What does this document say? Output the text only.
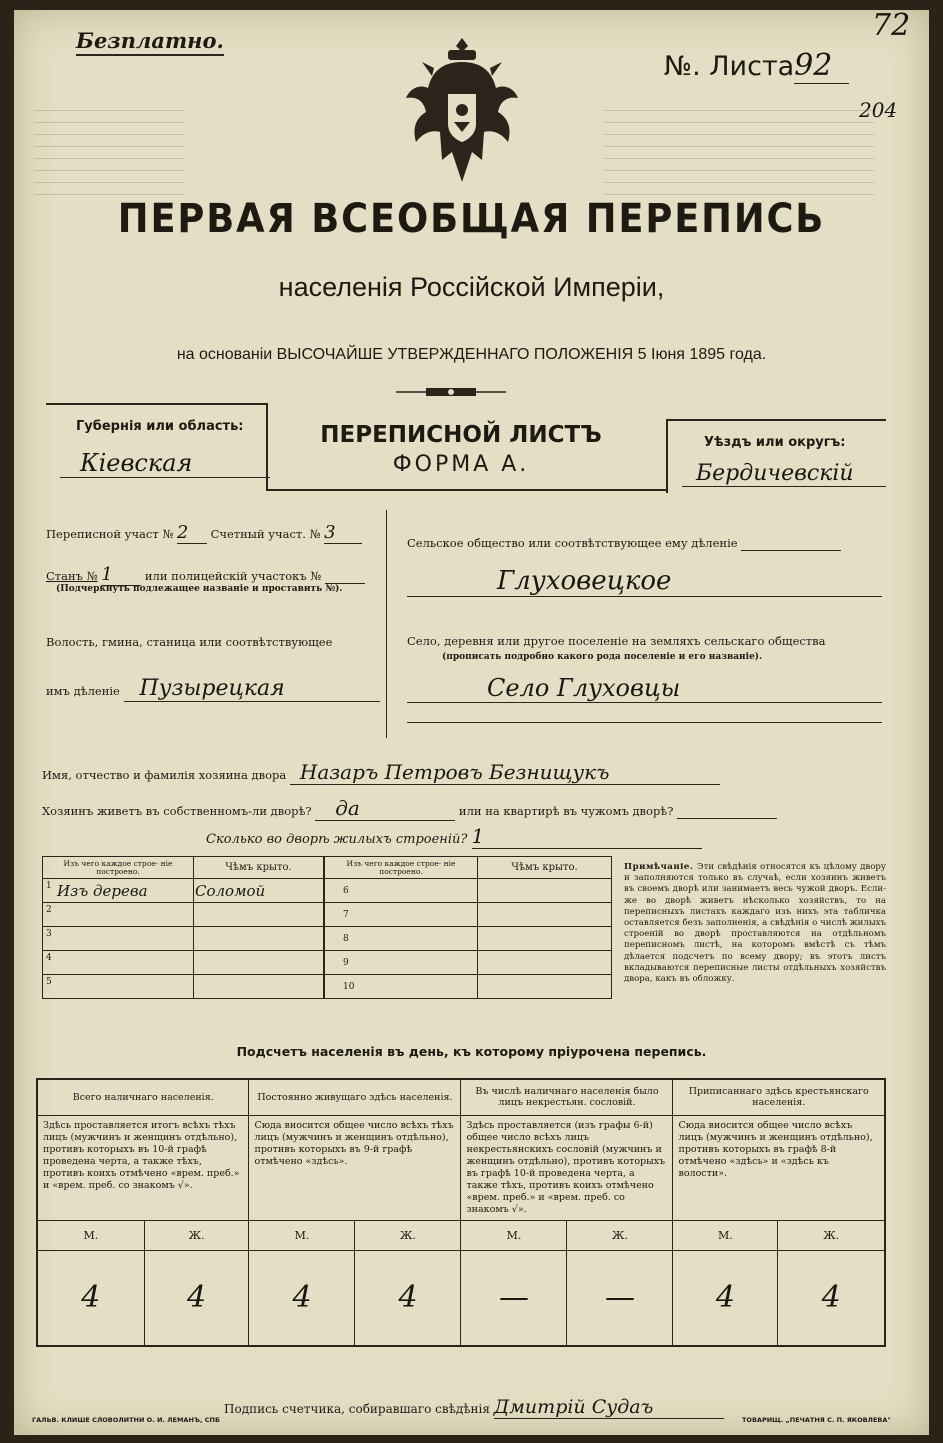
Безплатно.
№. Листа92
72
204
ПЕРВАЯ ВСЕОБЩАЯ ПЕРЕПИСЬ
населенія Россійской Имперіи,
на основаніи ВЫСОЧАЙШЕ УТВЕРЖДЕННАГО ПОЛОЖЕНІЯ 5 Іюня 1895 года.
Губернія или область:
Кіевская
ПЕРЕПИСНОЙ ЛИСТЪ
ФОРМА А.
Уѣздъ или округъ:
Бердичевскій
Переписной участ № 2 Счетный участ. № 3
Станъ № 1	или полицейскій участокъ №
(Подчеркнуть подлежащее названіе и проставить №).
Волость, гмина, станица или соотвѣтствующее
имъ дѣленіе Пузырецкая
Сельское общество или соотвѣтствующее ему дѣленіе
Глуховецкое
Село, деревня или другое поселеніе на земляхъ сельскаго общества
(прописать подробно какого рода поселеніе и его названіе).
Село Глуховцы
Имя, отчество и фамилія хозяина двора Назаръ Петровъ Безнищукъ
Хозяинъ живетъ въ собственномъ-ли дворѣ? да	или на квартирѣ въ чужомъ дворѣ?
Сколько во дворѣ жилыхъ строеній? 1
Изъ чего каждое строе- ніе построено.	Чѣмъ крыто.

1 Изъ дерева	Соломой

2	

3	

4	

5	

Изъ чего каждое строе- ніе построено.	Чѣмъ крыто.
6	
7	
8	
9	
10	
Примѣчаніе. Эти свѣдѣнія относятся къ цѣлому двору и заполняются только въ случаѣ, если хозяинъ живетъ въ своемъ дворѣ или занимаетъ весь чужой дворъ. Если-же во дворѣ живетъ нѣсколько хозяйствъ, то на переписныхъ листахъ каждаго изъ нихъ эта табличка оставляется безъ заполненія, а свѣдѣнія о числѣ жилыхъ строеній во дворѣ проставляются на отдѣльномъ переписномъ листѣ, на которомъ вмѣстѣ съ тѣмъ дѣлается подсчетъ по всему двору; въ этотъ листъ вкладываются переписные листы отдѣльныхъ хозяйствъ двора, какъ въ обложку.
Подсчетъ населенія въ день, къ которому пріурочена перепись.
Всего наличнаго населенія.		Постоянно живущаго здѣсь населенія.		Въ числѣ наличнаго населенія было лицъ некрестьян. сословій.		Приписаннаго здѣсь крестьянскаго населенія.	
Здѣсь проставляется итогъ всѣхъ тѣхъ лицъ (мужчинъ и женщинъ отдѣльно), противъ которыхъ въ 10-й графѣ проведена черта, а также тѣхъ, противъ коихъ отмѣчено «врем. преб.» и «врем. преб. со знакомъ √».		Сюда вносится общее число всѣхъ тѣхъ лицъ (мужчинъ и женщинъ отдѣльно), противъ которыхъ въ 9-й графѣ отмѣчено «здѣсь».		Здѣсь проставляется (изъ графы 6-й) общее число всѣхъ лицъ некрестьянскихъ сословій (мужчинъ и женщинъ отдѣльно), противъ которыхъ въ графѣ 10-й проведена черта, а также тѣхъ, противъ коихъ отмѣчено «врем. преб.» и «врем. преб. со знакомъ √».		Сюда вносится общее число всѣхъ лицъ (мужчинъ и женщинъ отдѣльно), противъ которыхъ въ графѣ 8-й отмѣчено «здѣсь» и «здѣсь къ волости».	
М.	Ж.	М.	Ж.	М.	Ж.	М.	Ж.
4	4	4	4	—	—	4	4
Подпись счетчика, собиравшаго свѣдѣнія Дмитрій Судаъ
ГАЛЬВ. КЛИШЕ СЛОВОЛИТНИ О. И. ЛЕМАНЪ, СПБ	ТОВАРИЩ. „ПЕЧАТНЯ С. П. ЯКОВЛЕВА"
